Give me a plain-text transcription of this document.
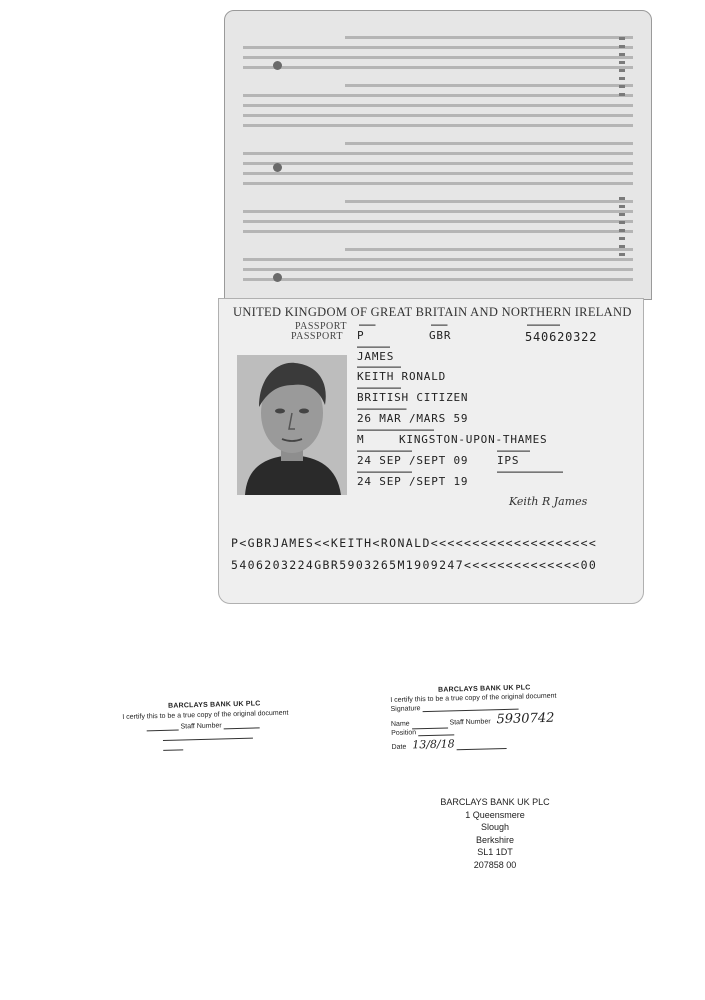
UNITED KINGDOM OF GREAT BRITAIN AND NORTHERN IRELAND
PASSPORT
PASSPORT
▬▬▬
P
▬▬▬
GBR
▬▬▬▬▬▬
540620322
▬▬▬▬▬▬
JAMES
▬▬▬▬▬▬▬▬
KEITH RONALD
▬▬▬▬▬▬▬▬
BRITISH CITIZEN
▬▬▬▬▬▬▬▬▬
26 MAR /MARS 59
▬▬▬▬▬▬▬▬▬▬▬▬▬▬
M	KINGSTON-UPON-THAMES
▬▬▬▬▬▬▬▬▬▬
24 SEP /SEPT 09
▬▬▬▬▬▬
IPS
▬▬▬▬▬▬▬▬▬▬
24 SEP /SEPT 19
▬▬▬▬▬▬▬▬▬▬▬▬
Keith R James
P<GBRJAMES<<KEITH<RONALD<<<<<<<<<<<<<<<<<<<<
5406203224GBR5903265M1909247<<<<<<<<<<<<<<00
BARCLAYS BANK UK PLC
I certify this to be a true copy of the original document
Staff Number
BARCLAYS BANK UK PLC
I certify this to be a true copy of the original document
Signature
Name	Staff Number 5930742
Position
Date 13/8/18
BARCLAYS BANK UK PLC
1 Queensmere
Slough
Berkshire
SL1 1DT
207858 00
